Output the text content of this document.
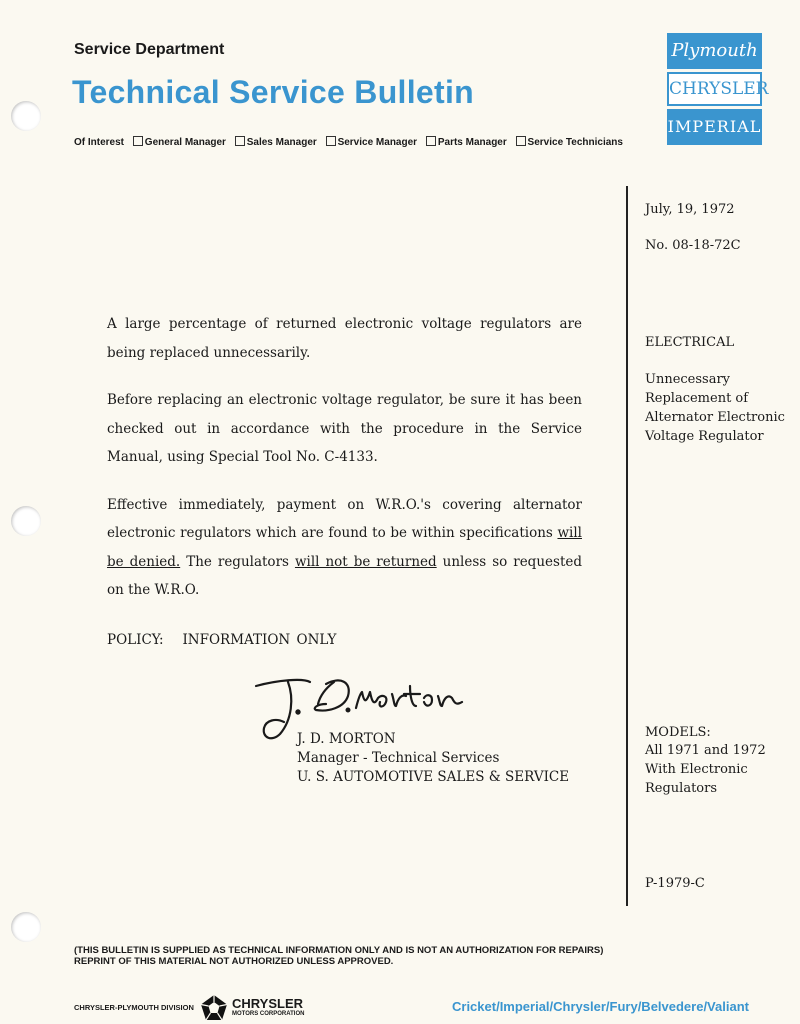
Service Department
Technical Service Bulletin
Of Interest General Manager Sales Manager Service Manager Parts Manager Service Technicians
Plymouth
CHRYSLER
IMPERIAL
July, 19, 1972
No. 08-18-72C
ELECTRICAL
Unnecessary Replacement of Alternator Electronic Voltage Regulator
MODELS:
All 1971 and 1972 With Electronic Regulators
P-1979-C

A large percentage of returned electronic voltage regulators are being replaced unnecessarily.

Before replacing an electronic voltage regulator, be sure it has been checked out in accordance with the procedure in the Service Manual, using Special Tool No. C-4133.

Effective immediately, payment on W.R.O.'s covering alternator electronic regulators which are found to be within specifications will be denied. The regulators will not be returned unless so requested on the W.R.O.

POLICY:   INFORMATION ONLY
J. D. MORTON
Manager - Technical Services
U. S. AUTOMOTIVE SALES & SERVICE
(THIS BULLETIN IS SUPPLIED AS TECHNICAL INFORMATION ONLY AND IS NOT AN AUTHORIZATION FOR REPAIRS) REPRINT OF THIS MATERIAL NOT AUTHORIZED UNLESS APPROVED.
CHRYSLER-PLYMOUTH DIVISION	CHRYSLER
MOTORS CORPORATION	Cricket/Imperial/Chrysler/Fury/Belvedere/Valiant
